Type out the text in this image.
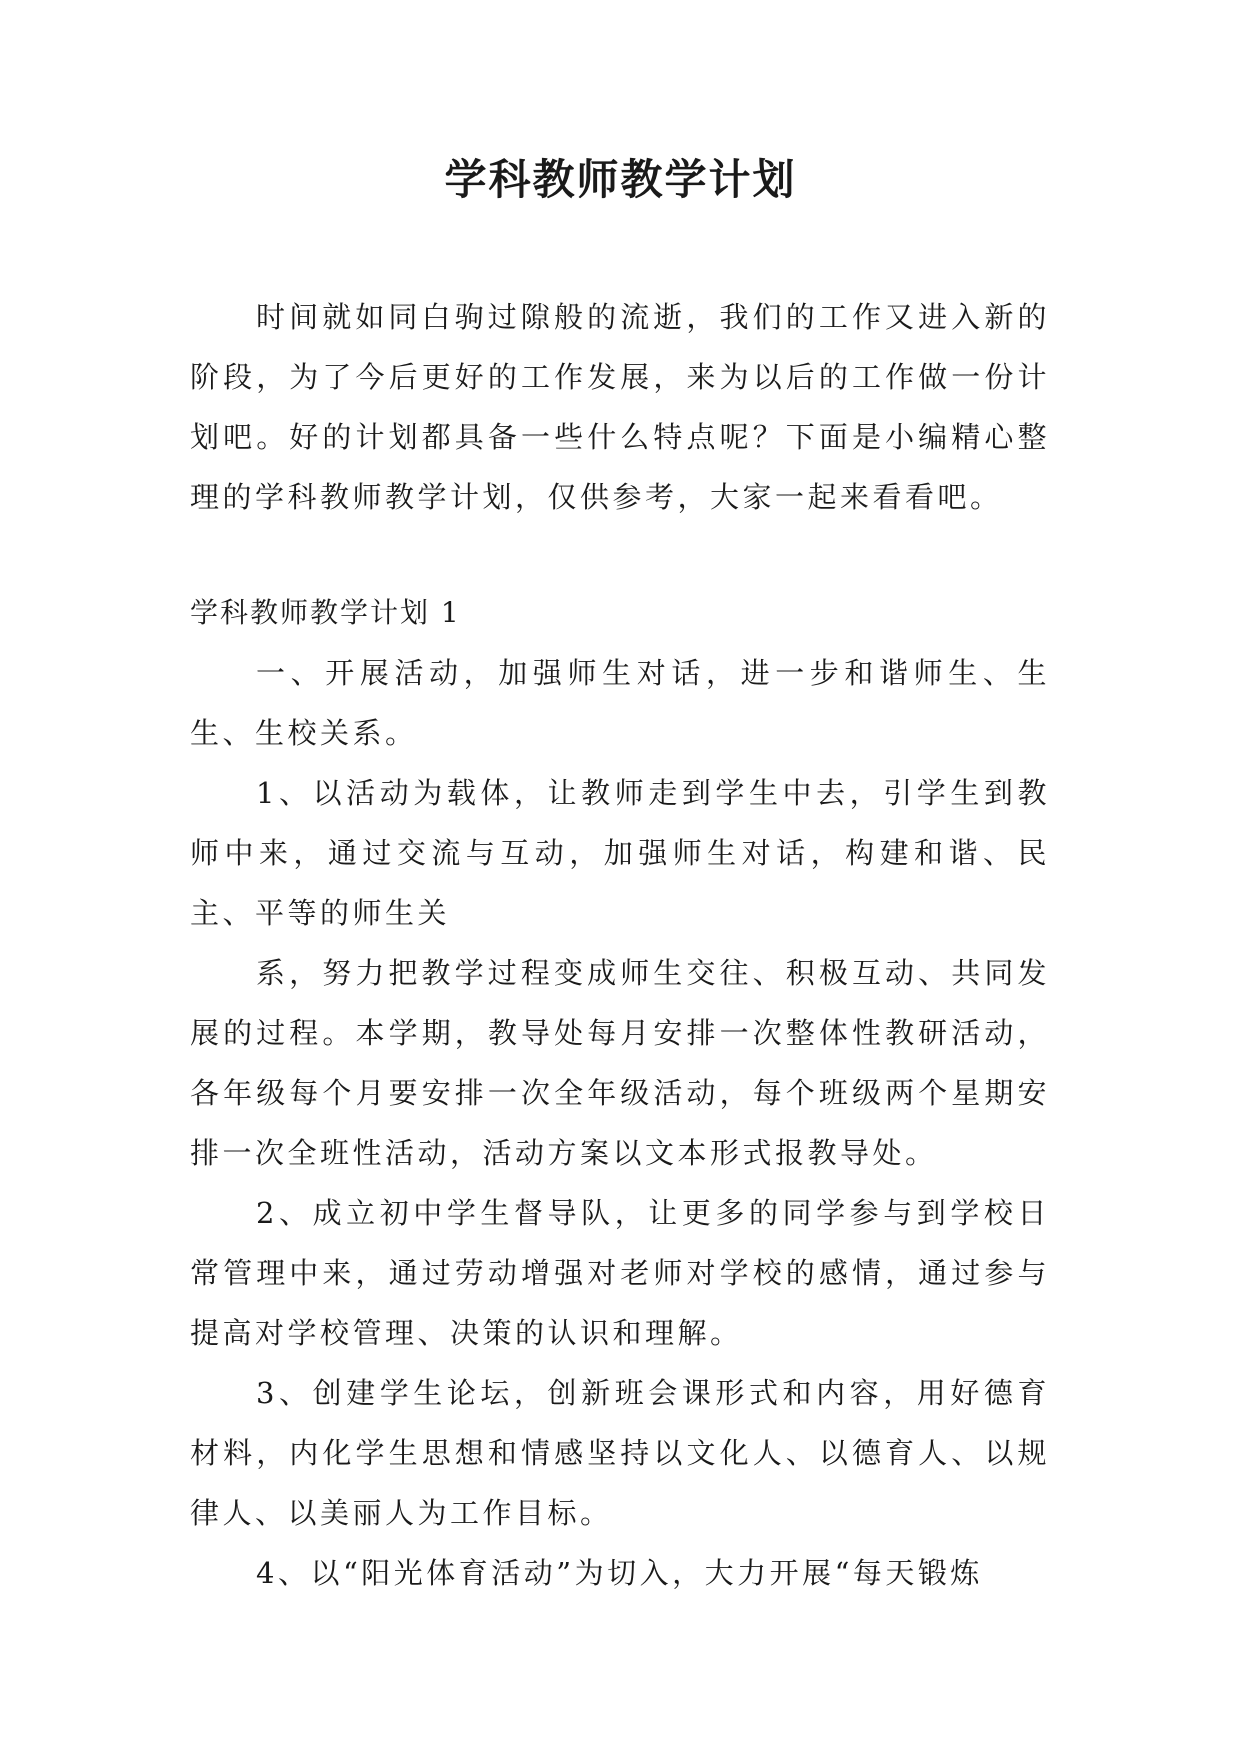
学科教师教学计划

时间就如同白驹过隙般的流逝，我们的工作又进入新的阶段，为了今后更好的工作发展，来为以后的工作做一份计划吧。好的计划都具备一些什么特点呢？下面是小编精心整理的学科教师教学计划，仅供参考，大家一起来看看吧。

学科教师教学计划 1

一、开展活动，加强师生对话，进一步和谐师生、生生、生校关系。

1、以活动为载体，让教师走到学生中去，引学生到教师中来，通过交流与互动，加强师生对话，构建和谐、民主、平等的师生关

系，努力把教学过程变成师生交往、积极互动、共同发展的过程。本学期，教导处每月安排一次整体性教研活动，各年级每个月要安排一次全年级活动，每个班级两个星期安排一次全班性活动，活动方案以文本形式报教导处。

2、成立初中学生督导队，让更多的同学参与到学校日常管理中来，通过劳动增强对老师对学校的感情，通过参与提高对学校管理、决策的认识和理解。

3、创建学生论坛，创新班会课形式和内容，用好德育材料，内化学生思想和情感坚持以文化人、以德育人、以规律人、以美丽人为工作目标。

4、以“阳光体育活动”为切入，大力开展“每天锻炼
